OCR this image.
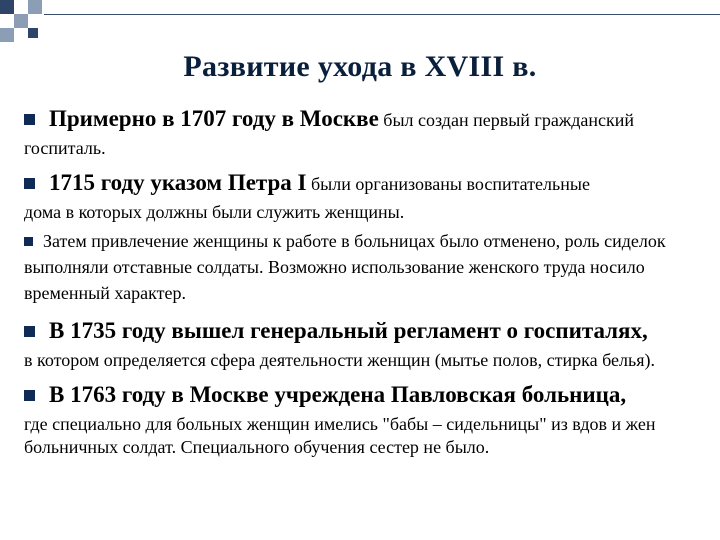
Развитие ухода в XVIII в.
Примерно в 1707 году в Москве был создан первый гражданский
госпиталь.
1715 году указом Петра I были организованы воспитательные
дома в которых должны были служить женщины.
Затем привлечение женщины к работе в больницах было отменено, роль сиделок выполняли отставные солдаты. Возможно использование женского труда носило временный характер.
В 1735 году вышел генеральный регламент о госпиталях,
в котором определяется сфера деятельности женщин (мытье полов, стирка белья).
В 1763 году в Москве учреждена Павловская больница,
где специально для больных женщин имелись "бабы – сидельницы" из вдов и жен больничных солдат. Специального обучения сестер не было.
